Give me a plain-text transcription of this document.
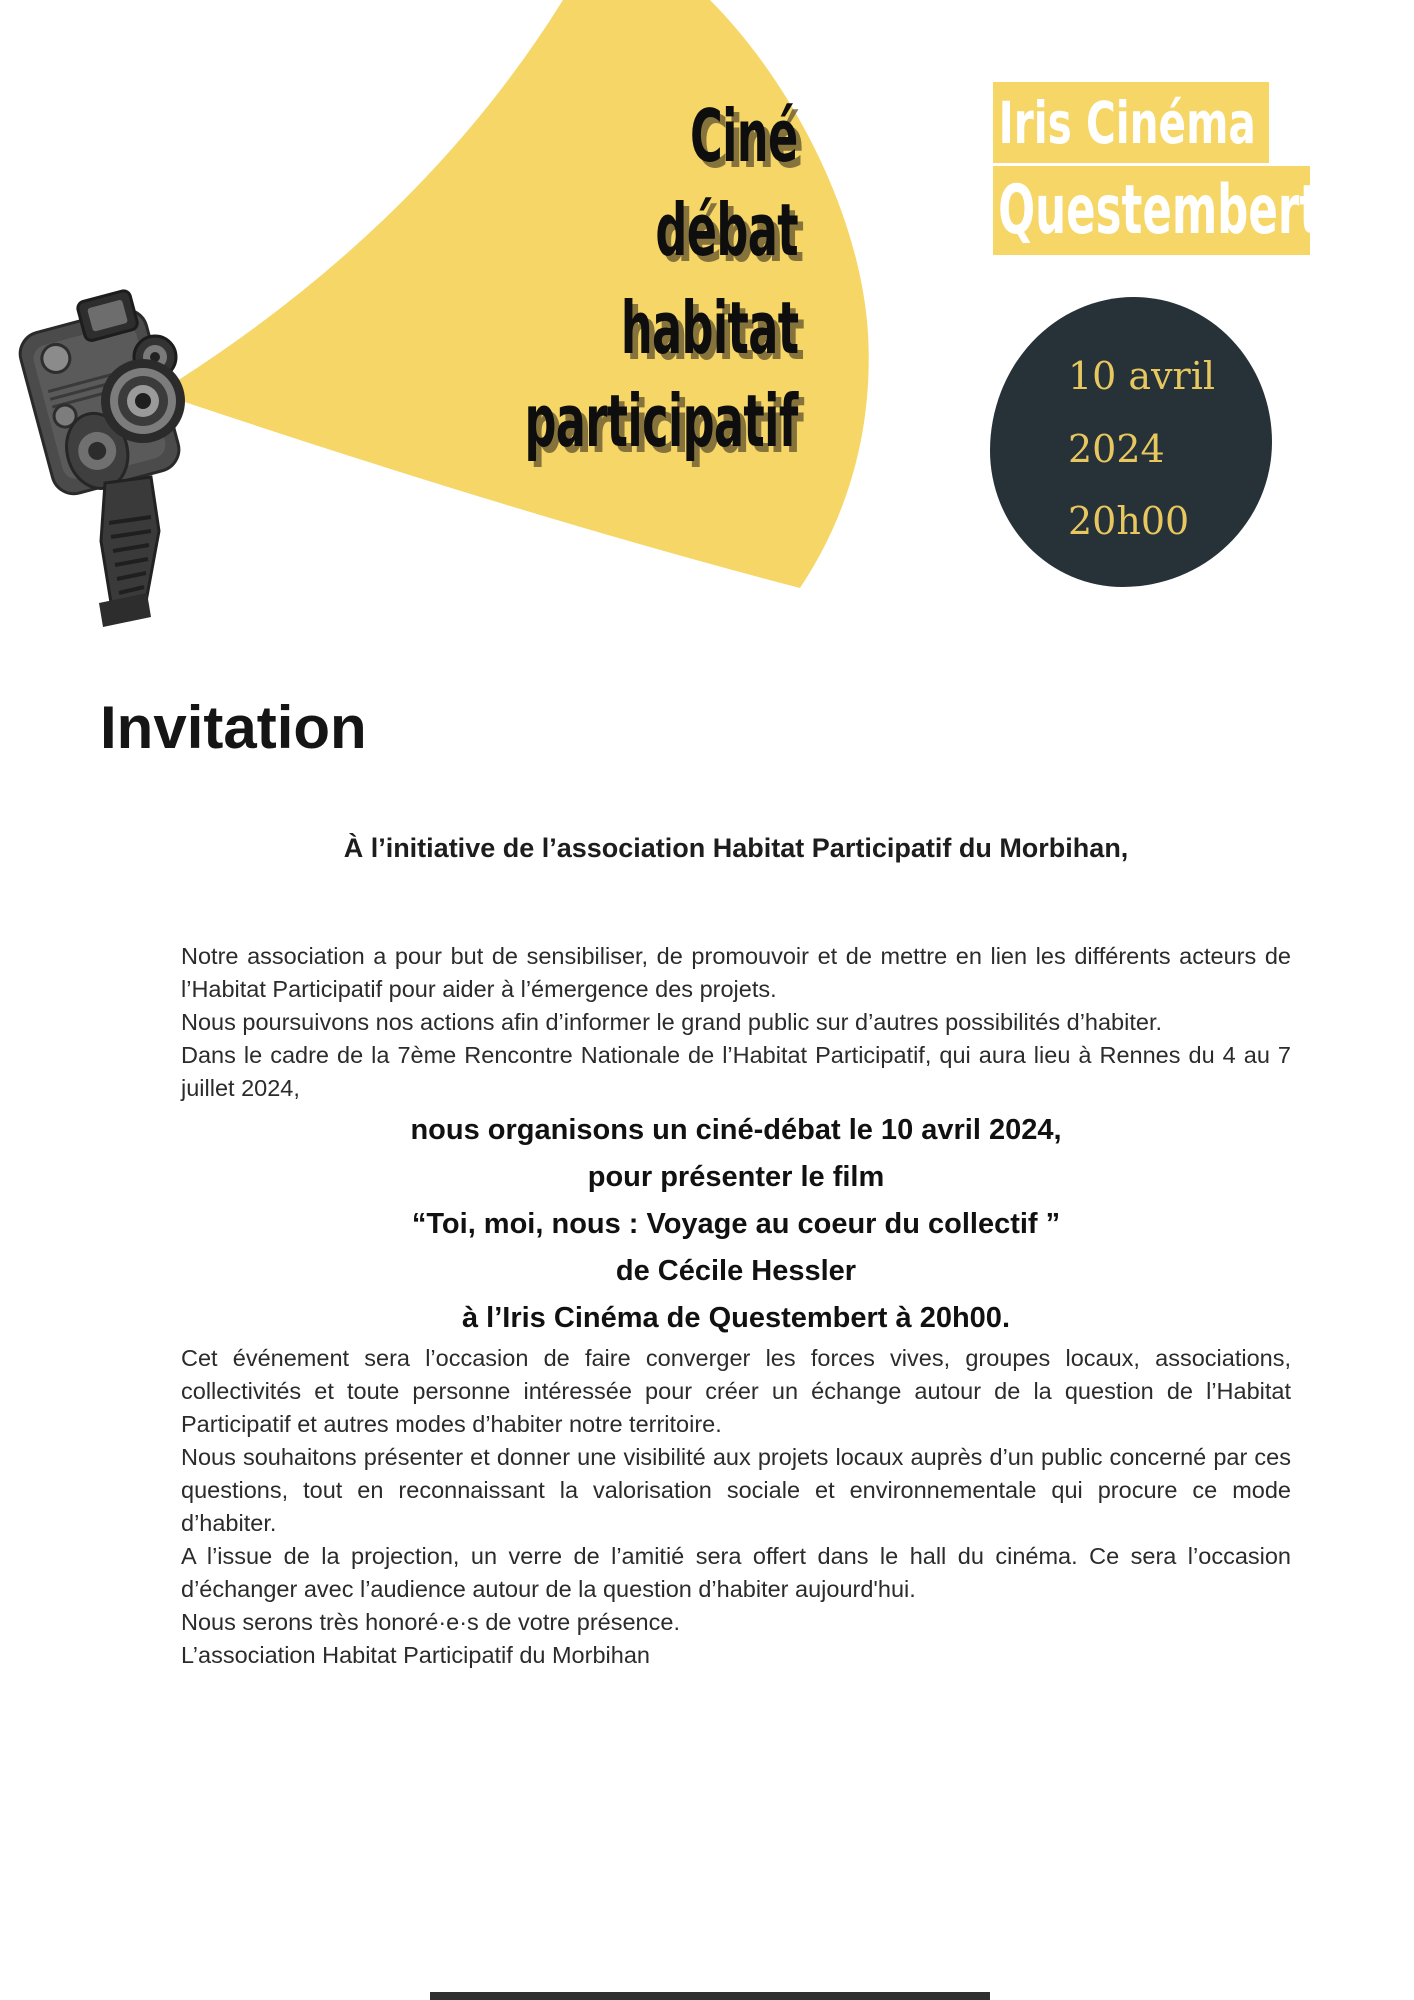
Ciné
débat
habitat
participatif
Iris Cinéma
Questembert
10 avril
2024
20h00
Invitation
À l’initiative de l’association Habitat Participatif du Morbihan,

Notre association a pour but de sensibiliser, de promouvoir et de mettre en lien les différents acteurs de l’Habitat Participatif pour aider à l’émergence des projets.

Nous poursuivons nos actions afin d’informer le grand public sur d’autres possibilités d’habiter.

Dans le cadre de la 7ème Rencontre Nationale de l’Habitat Participatif, qui aura lieu à Rennes du 4 au 7 juillet 2024,

nous organisons un ciné-débat le 10 avril 2024,
pour présenter le film
“Toi, moi, nous : Voyage au coeur du collectif ”
de Cécile Hessler
à l’Iris Cinéma de Questembert à 20h00.

Cet événement sera l’occasion de faire converger les forces vives, groupes locaux, associations, collectivités et toute personne intéressée pour créer un échange autour de la question de l’Habitat Participatif et autres modes d’habiter notre territoire.

Nous souhaitons présenter et donner une visibilité aux projets locaux auprès d’un public concerné par ces questions, tout en reconnaissant la valorisation sociale et environnementale qui procure ce mode d’habiter.

A l’issue de la projection, un verre de l’amitié sera offert dans le hall du cinéma. Ce sera l’occasion d’échanger avec l’audience autour de la question d’habiter aujourd'hui.

Nous serons très honoré·e·s de votre présence.

L’association Habitat Participatif du Morbihan
